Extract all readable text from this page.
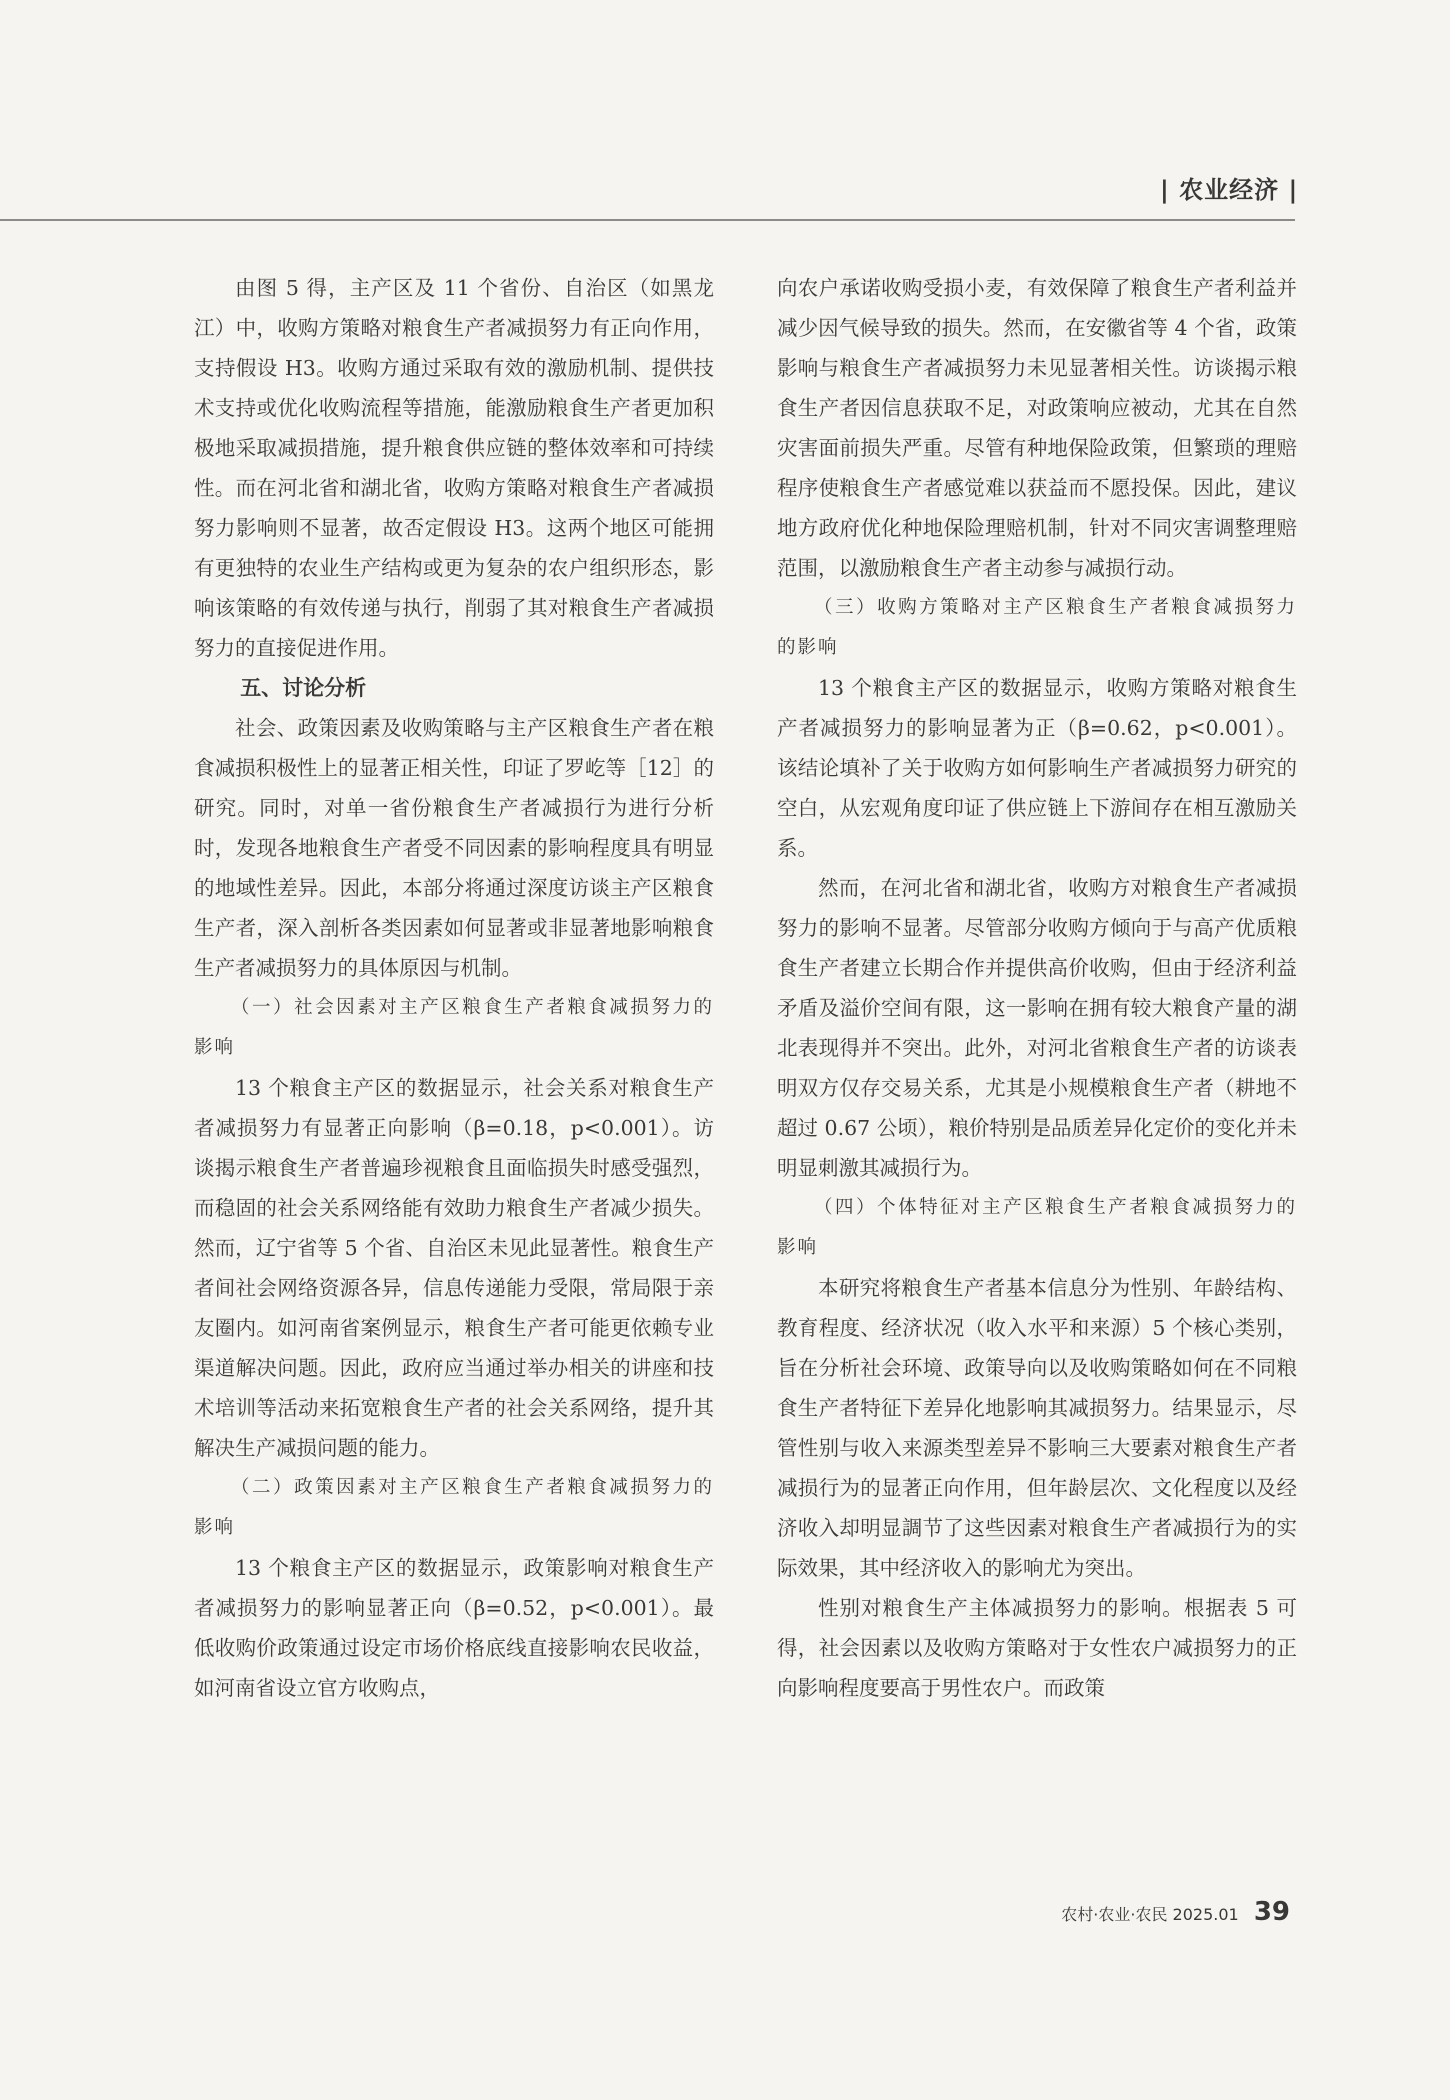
| 农业经济 |

由图 5 得，主产区及 11 个省份、自治区（如黑龙江）中，收购方策略对粮食生产者减损努力有正向作用，支持假设 H3。收购方通过采取有效的激励机制、提供技术支持或优化收购流程等措施，能激励粮食生产者更加积极地采取减损措施，提升粮食供应链的整体效率和可持续性。而在河北省和湖北省，收购方策略对粮食生产者减损努力影响则不显著，故否定假设 H3。这两个地区可能拥有更独特的农业生产结构或更为复杂的农户组织形态，影响该策略的有效传递与执行，削弱了其对粮食生产者减损努力的直接促进作用。

五、讨论分析

社会、政策因素及收购策略与主产区粮食生产者在粮食减损积极性上的显著正相关性，印证了罗屹等［12］的研究。同时，对单一省份粮食生产者减损行为进行分析时，发现各地粮食生产者受不同因素的影响程度具有明显的地域性差异。因此，本部分将通过深度访谈主产区粮食生产者，深入剖析各类因素如何显著或非显著地影响粮食生产者减损努力的具体原因与机制。

（一）社会因素对主产区粮食生产者粮食减损努力的影响

13 个粮食主产区的数据显示，社会关系对粮食生产者减损努力有显著正向影响（β=0.18，p<0.001）。访谈揭示粮食生产者普遍珍视粮食且面临损失时感受强烈，而稳固的社会关系网络能有效助力粮食生产者减少损失。然而，辽宁省等 5 个省、自治区未见此显著性。粮食生产者间社会网络资源各异，信息传递能力受限，常局限于亲友圈内。如河南省案例显示，粮食生产者可能更依赖专业渠道解决问题。因此，政府应当通过举办相关的讲座和技术培训等活动来拓宽粮食生产者的社会关系网络，提升其解决生产减损问题的能力。

（二）政策因素对主产区粮食生产者粮食减损努力的影响

13 个粮食主产区的数据显示，政策影响对粮食生产者减损努力的影响显著正向（β=0.52，p<0.001）。最低收购价政策通过设定市场价格底线直接影响农民收益，如河南省设立官方收购点，

向农户承诺收购受损小麦，有效保障了粮食生产者利益并减少因气候导致的损失。然而，在安徽省等 4 个省，政策影响与粮食生产者减损努力未见显著相关性。访谈揭示粮食生产者因信息获取不足，对政策响应被动，尤其在自然灾害面前损失严重。尽管有种地保险政策，但繁琐的理赔程序使粮食生产者感觉难以获益而不愿投保。因此，建议地方政府优化种地保险理赔机制，针对不同灾害调整理赔范围，以激励粮食生产者主动参与减损行动。

（三）收购方策略对主产区粮食生产者粮食减损努力的影响

13 个粮食主产区的数据显示，收购方策略对粮食生产者减损努力的影响显著为正（β=0.62，p<0.001）。该结论填补了关于收购方如何影响生产者减损努力研究的空白，从宏观角度印证了供应链上下游间存在相互激励关系。

然而，在河北省和湖北省，收购方对粮食生产者减损努力的影响不显著。尽管部分收购方倾向于与高产优质粮食生产者建立长期合作并提供高价收购，但由于经济利益矛盾及溢价空间有限，这一影响在拥有较大粮食产量的湖北表现得并不突出。此外，对河北省粮食生产者的访谈表明双方仅存交易关系，尤其是小规模粮食生产者（耕地不超过 0.67 公顷），粮价特别是品质差异化定价的变化并未明显刺激其减损行为。

（四）个体特征对主产区粮食生产者粮食减损努力的影响

本研究将粮食生产者基本信息分为性别、年龄结构、教育程度、经济状况（收入水平和来源）5 个核心类别，旨在分析社会环境、政策导向以及收购策略如何在不同粮食生产者特征下差异化地影响其减损努力。结果显示，尽管性别与收入来源类型差异不影响三大要素对粮食生产者减损行为的显著正向作用，但年龄层次、文化程度以及经济收入却明显調节了这些因素对粮食生产者减损行为的实际效果，其中经济收入的影响尤为突出。

性别对粮食生产主体减损努力的影响。根据表 5 可得，社会因素以及收购方策略对于女性农户减损努力的正向影响程度要高于男性农户。而政策

农村·农业·农民 2025.01 39
